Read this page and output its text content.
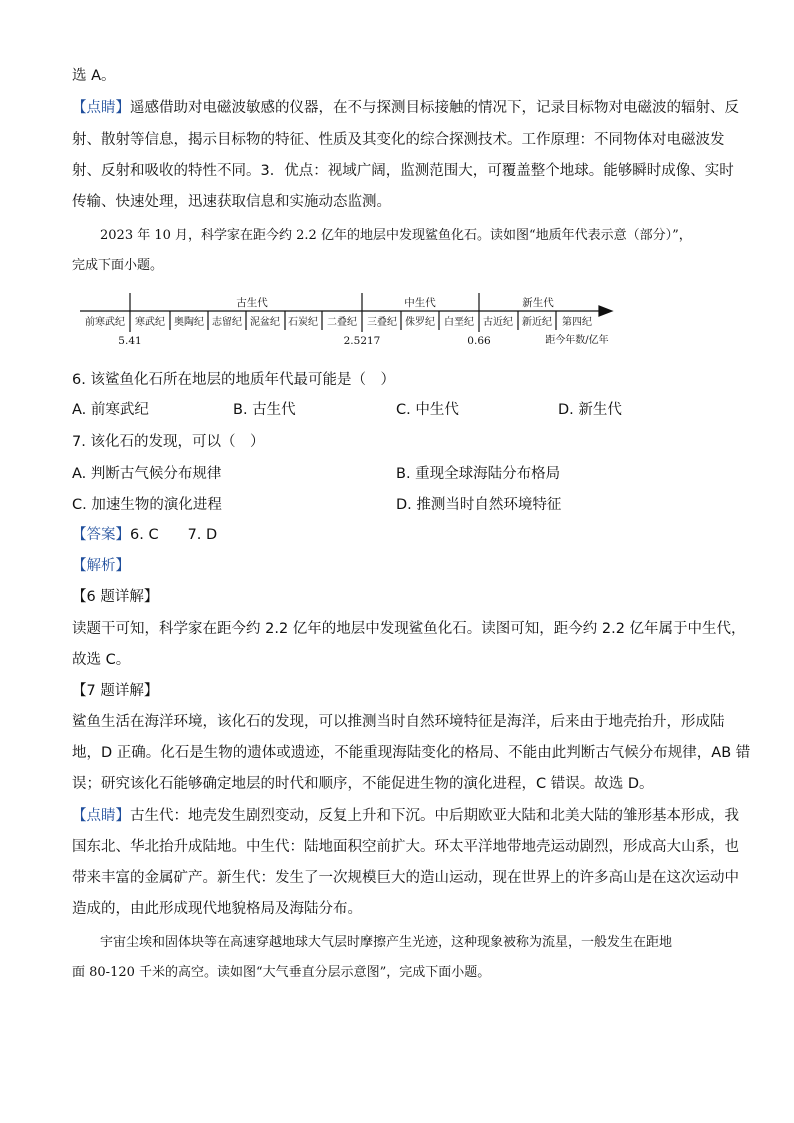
选 A。
【点睛】遥感借助对电磁波敏感的仪器，在不与探测目标接触的情况下，记录目标物对电磁波的辐射、反
射、散射等信息，揭示目标物的特征、性质及其变化的综合探测技术。工作原理：不同物体对电磁波发
射、反射和吸收的特性不同。3．优点：视域广阔，监测范围大，可覆盖整个地球。能够瞬时成像、实时
传输、快速处理，迅速获取信息和实施动态监测。
2023 年 10 月，科学家在距今约 2.2 亿年的地层中发现鲨鱼化石。读如图“地质年代表示意（部分）”，
完成下面小题。
古生代	中生代	新生代
前寒武纪 寒武纪 奥陶纪 志留纪 泥盆纪 石炭纪 二叠纪 三叠纪 侏罗纪 白垩纪 古近纪 新近纪 第四纪
5.41	2.5217	0.66	距今年数/亿年
6. 该鲨鱼化石所在地层的地质年代最可能是（　）
A. 前寒武纪	B. 古生代	C. 中生代	D. 新生代
7. 该化石的发现，可以（　）
A. 判断古气候分布规律	B. 重现全球海陆分布格局
C. 加速生物的演化进程	D. 推测当时自然环境特征
【答案】6. C　　7. D
【解析】
【6 题详解】
读题干可知，科学家在距今约 2.2 亿年的地层中发现鲨鱼化石。读图可知，距今约 2.2 亿年属于中生代，
故选 C。
【7 题详解】
鲨鱼生活在海洋环境，该化石的发现，可以推测当时自然环境特征是海洋，后来由于地壳抬升，形成陆
地，D 正确。化石是生物的遗体或遗迹，不能重现海陆变化的格局、不能由此判断古气候分布规律，AB 错
误；研究该化石能够确定地层的时代和顺序，不能促进生物的演化进程，C 错误。故选 D。
【点睛】古生代：地壳发生剧烈变动，反复上升和下沉。中后期欧亚大陆和北美大陆的雏形基本形成，我
国东北、华北抬升成陆地。中生代：陆地面积空前扩大。环太平洋地带地壳运动剧烈，形成高大山系，也
带来丰富的金属矿产。新生代：发生了一次规模巨大的造山运动，现在世界上的许多高山是在这次运动中
造成的，由此形成现代地貌格局及海陆分布。
宇宙尘埃和固体块等在高速穿越地球大气层时摩擦产生光迹，这种现象被称为流星，一般发生在距地
面 80-120 千米的高空。读如图“大气垂直分层示意图”，完成下面小题。
